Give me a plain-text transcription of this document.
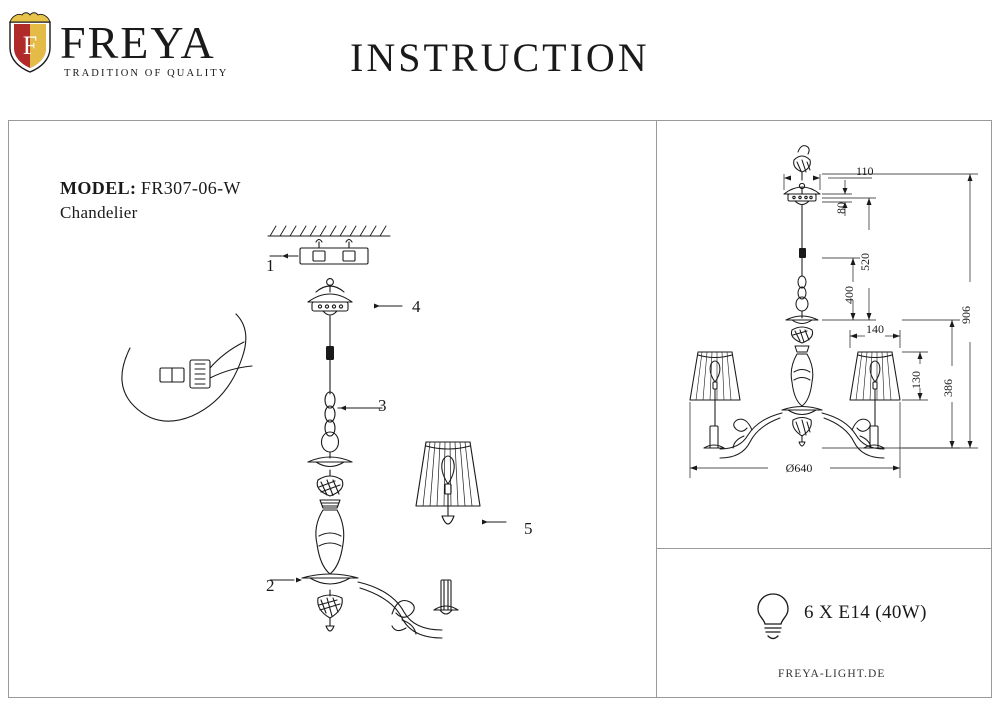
F FREYA
TRADITION OF QUALITY	INSTRUCTION
MODEL: FR307-06-W
Chandelier
1
2
3
4
5
110
80
520
400
140
130 386
906
Ø640
6 X E14 (40W)
FREYA-LIGHT.DE
